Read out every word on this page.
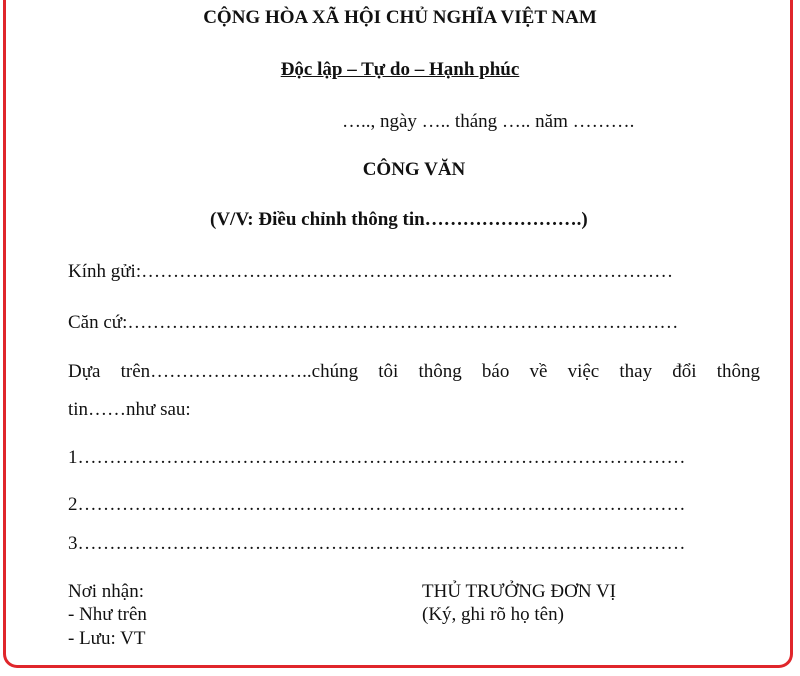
CỘNG HÒA XÃ HỘI CHỦ NGHĨA VIỆT NAM
Độc lập – Tự do – Hạnh phúc
….., ngày ….. tháng ….. năm ……….
CÔNG VĂN
(V/V: Điều chỉnh thông tin…………………….)
Kính gửi:…………………………………………………………………………
Căn cứ:……………………………………………………………………………
Dựa trên……………………..chúng tôi thông báo về việc thay đổi thông
tin……như sau:
1……………………………………………………………………………………
2……………………………………………………………………………………
3……………………………………………………………………………………
Nơi nhận:
- Như trên
- Lưu: VT
THỦ TRƯỞNG ĐƠN VỊ
(Ký, ghi rõ họ tên)
